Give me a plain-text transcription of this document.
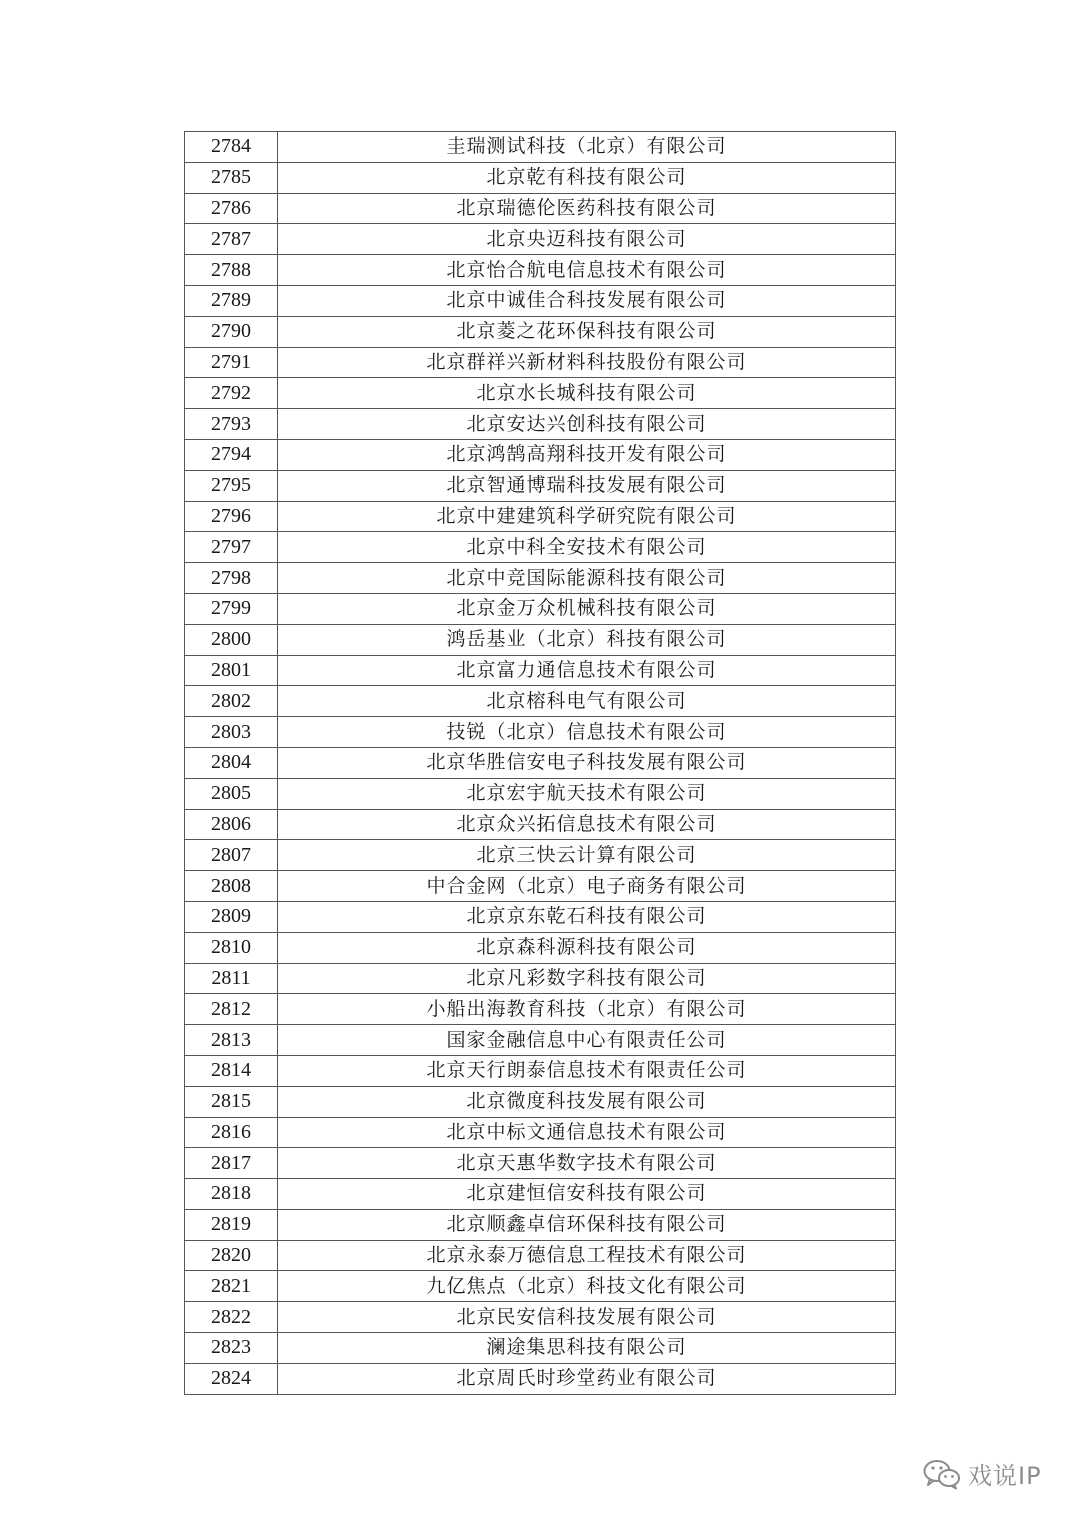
2784	圭瑞测试科技（北京）有限公司
2785	北京乾有科技有限公司
2786	北京瑞德伦医药科技有限公司
2787	北京央迈科技有限公司
2788	北京怡合航电信息技术有限公司
2789	北京中诚佳合科技发展有限公司
2790	北京菱之花环保科技有限公司
2791	北京群祥兴新材料科技股份有限公司
2792	北京水长城科技有限公司
2793	北京安达兴创科技有限公司
2794	北京鸿鹄高翔科技开发有限公司
2795	北京智通博瑞科技发展有限公司
2796	北京中建建筑科学研究院有限公司
2797	北京中科全安技术有限公司
2798	北京中竞国际能源科技有限公司
2799	北京金万众机械科技有限公司
2800	鸿岳基业（北京）科技有限公司
2801	北京富力通信息技术有限公司
2802	北京榕科电气有限公司
2803	技锐（北京）信息技术有限公司
2804	北京华胜信安电子科技发展有限公司
2805	北京宏宇航天技术有限公司
2806	北京众兴拓信息技术有限公司
2807	北京三快云计算有限公司
2808	中合金网（北京）电子商务有限公司
2809	北京京东乾石科技有限公司
2810	北京森科源科技有限公司
2811	北京凡彩数字科技有限公司
2812	小船出海教育科技（北京）有限公司
2813	国家金融信息中心有限责任公司
2814	北京天行朗泰信息技术有限责任公司
2815	北京微度科技发展有限公司
2816	北京中标文通信息技术有限公司
2817	北京天惠华数字技术有限公司
2818	北京建恒信安科技有限公司
2819	北京顺鑫卓信环保科技有限公司
2820	北京永泰万德信息工程技术有限公司
2821	九亿焦点（北京）科技文化有限公司
2822	北京民安信科技发展有限公司
2823	澜途集思科技有限公司
2824	北京周氏时珍堂药业有限公司
戏说IP
